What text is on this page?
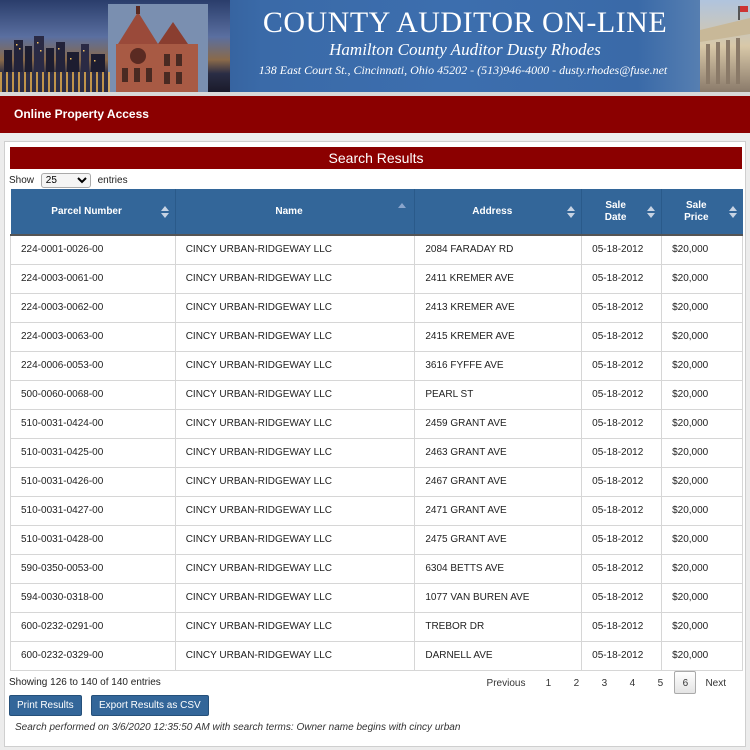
COUNTY AUDITOR ON-LINE
Hamilton County Auditor Dusty Rhodes
138 East Court St., Cincinnati, Ohio 45202 - (513)946-4000 - dusty.rhodes@fuse.net
Online Property Access
Search Results
Show
25	entries
Parcel Number	Name	Address	Sale Date	Sale Price

224-0001-0026-00	CINCY URBAN-RIDGEWAY LLC	2084 FARADAY RD	05-18-2012	$20,000
224-0003-0061-00	CINCY URBAN-RIDGEWAY LLC	2411 KREMER AVE	05-18-2012	$20,000
224-0003-0062-00	CINCY URBAN-RIDGEWAY LLC	2413 KREMER AVE	05-18-2012	$20,000
224-0003-0063-00	CINCY URBAN-RIDGEWAY LLC	2415 KREMER AVE	05-18-2012	$20,000
224-0006-0053-00	CINCY URBAN-RIDGEWAY LLC	3616 FYFFE AVE	05-18-2012	$20,000
500-0060-0068-00	CINCY URBAN-RIDGEWAY LLC	PEARL ST	05-18-2012	$20,000
510-0031-0424-00	CINCY URBAN-RIDGEWAY LLC	2459 GRANT AVE	05-18-2012	$20,000
510-0031-0425-00	CINCY URBAN-RIDGEWAY LLC	2463 GRANT AVE	05-18-2012	$20,000
510-0031-0426-00	CINCY URBAN-RIDGEWAY LLC	2467 GRANT AVE	05-18-2012	$20,000
510-0031-0427-00	CINCY URBAN-RIDGEWAY LLC	2471 GRANT AVE	05-18-2012	$20,000
510-0031-0428-00	CINCY URBAN-RIDGEWAY LLC	2475 GRANT AVE	05-18-2012	$20,000
590-0350-0053-00	CINCY URBAN-RIDGEWAY LLC	6304 BETTS AVE	05-18-2012	$20,000
594-0030-0318-00	CINCY URBAN-RIDGEWAY LLC	1077 VAN BUREN AVE	05-18-2012	$20,000
600-0232-0291-00	CINCY URBAN-RIDGEWAY LLC	TREBOR DR	05-18-2012	$20,000
600-0232-0329-00	CINCY URBAN-RIDGEWAY LLC	DARNELL AVE	05-18-2012	$20,000
Showing 126 to 140 of 140 entries	Previous	1	2	3	4	5	6	Next
Print Results	Export Results as CSV
Search performed on 3/6/2020 12:35:50 AM with search terms: Owner name begins with cincy urban
